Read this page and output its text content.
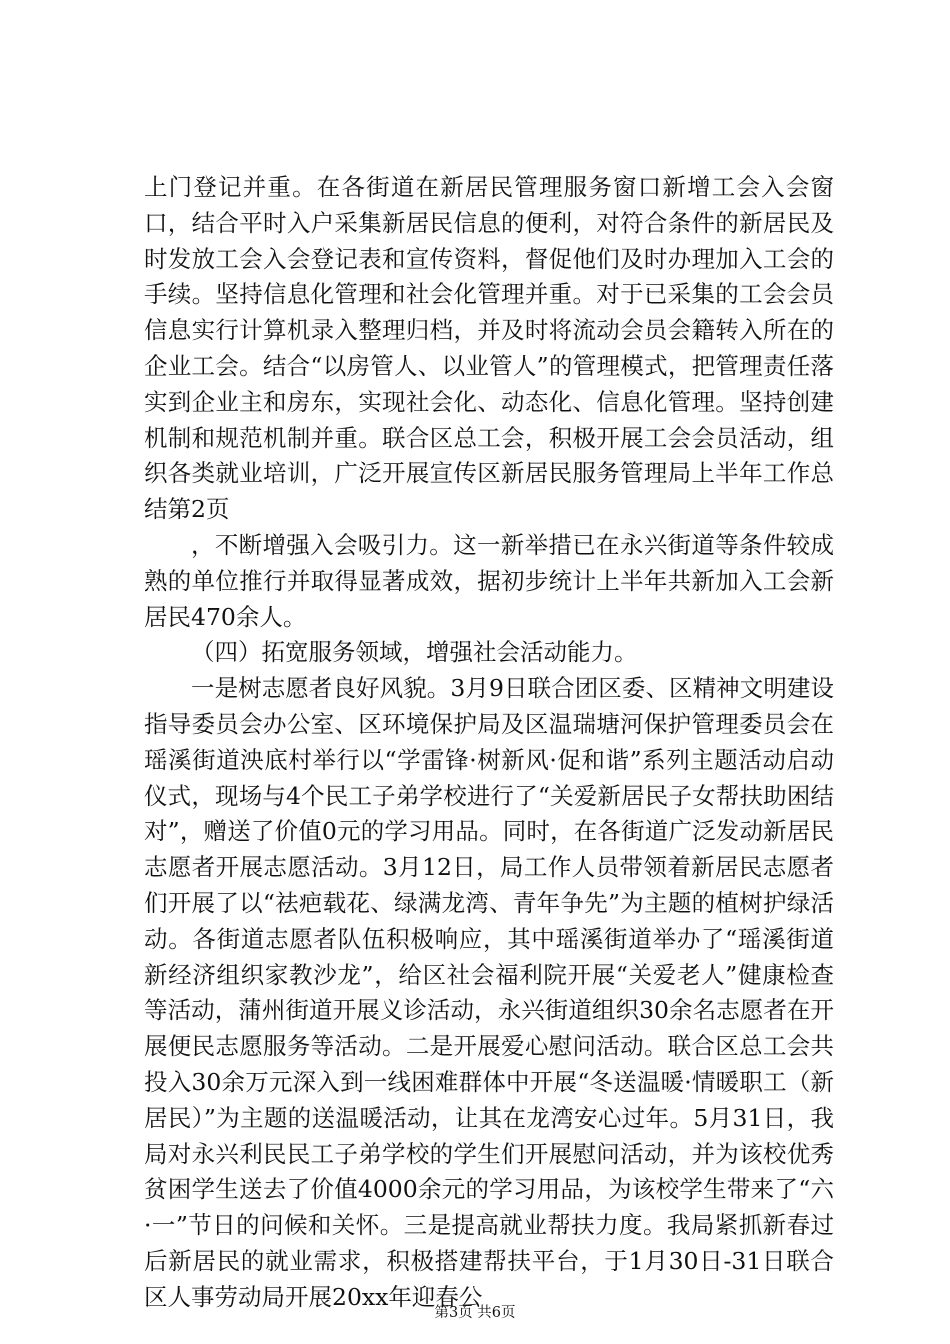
上门登记并重。在各街道在新居民管理服务窗口新增工会入会窗口，结合平时入户采集新居民信息的便利，对符合条件的新居民及时发放工会入会登记表和宣传资料，督促他们及时办理加入工会的手续。坚持信息化管理和社会化管理并重。对于已采集的工会会员信息实行计算机录入整理归档，并及时将流动会员会籍转入所在的企业工会。结合“以房管人、以业管人”的管理模式，把管理责任落实到企业主和房东，实现社会化、动态化、信息化管理。坚持创建机制和规范机制并重。联合区总工会，积极开展工会会员活动，组织各类就业培训，广泛开展宣传区新居民服务管理局上半年工作总结第2页

，不断增强入会吸引力。这一新举措已在永兴街道等条件较成熟的单位推行并取得显著成效，据初步统计上半年共新加入工会新居民470余人。

（四）拓宽服务领域，增强社会活动能力。

一是树志愿者良好风貌。3月9日联合团区委、区精神文明建设指导委员会办公室、区环境保护局及区温瑞塘河保护管理委员会在瑶溪街道泱底村举行以“学雷锋·树新风·促和谐”系列主题活动启动仪式，现场与4个民工子弟学校进行了“关爱新居民子女帮扶助困结对”，赠送了价值0元的学习用品。同时，在各街道广泛发动新居民志愿者开展志愿活动。3月12日，局工作人员带领着新居民志愿者们开展了以“祛疤载花、绿满龙湾、青年争先”为主题的植树护绿活动。各街道志愿者队伍积极响应，其中瑶溪街道举办了“瑶溪街道新经济组织家教沙龙”，给区社会福利院开展“关爱老人”健康检查等活动，蒲州街道开展义诊活动，永兴街道组织30余名志愿者在开展便民志愿服务等活动。二是开展爱心慰问活动。联合区总工会共投入30余万元深入到一线困难群体中开展“冬送温暖·情暖职工（新居民）”为主题的送温暖活动，让其在龙湾安心过年。5月31日，我局对永兴利民民工子弟学校的学生们开展慰问活动，并为该校优秀贫困学生送去了价值4000余元的学习用品，为该校学生带来了“六·一”节日的问候和关怀。三是提高就业帮扶力度。我局紧抓新春过后新居民的就业需求，积极搭建帮扶平台，于1月30日-31日联合区人事劳动局开展20xx年迎春公

第3页 共6页
